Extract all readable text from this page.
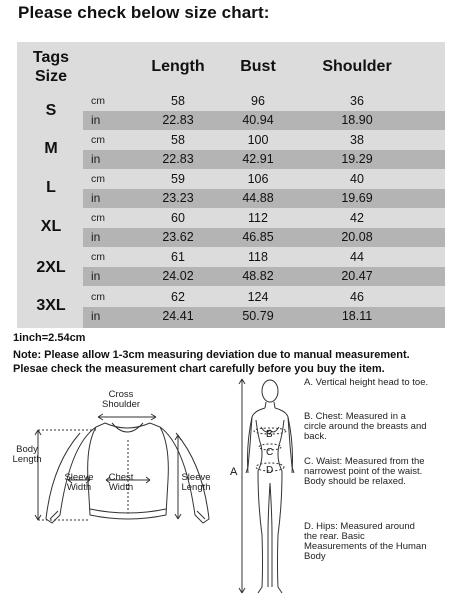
Please check below size chart:
Tags
Size
Length	Bust	Shoulder
S
cm	58	96	36
in	22.83	40.94	18.90
M	cm	58	100	38
in	22.83	42.91	19.29
L	cm	59	106	40
in	23.23	44.88	19.69
XL	cm	60	112	42
in	23.62	46.85	20.08
2XL
cm	61	118	44
in	24.02	48.82	20.47
3XL	cm	62	124	46
in	24.41	50.79	18.11
1inch=2.54cm
Note: Please allow 1-3cm measuring deviation due to manual measurement.
Plesae check the measurement chart carefully before you buy the item.
Cross Shoulder
Body Length
Sleeve Width
Chest Width
Sleeve Length
B
C
D
A
A. Vertical height head to toe.
B. Chest: Measured in a circle around the breasts and back.
C. Waist: Measured from the narrowest point of the waist. Body should be relaxed.
D. Hips: Measured around the rear. Basic Measurements of the Human Body
